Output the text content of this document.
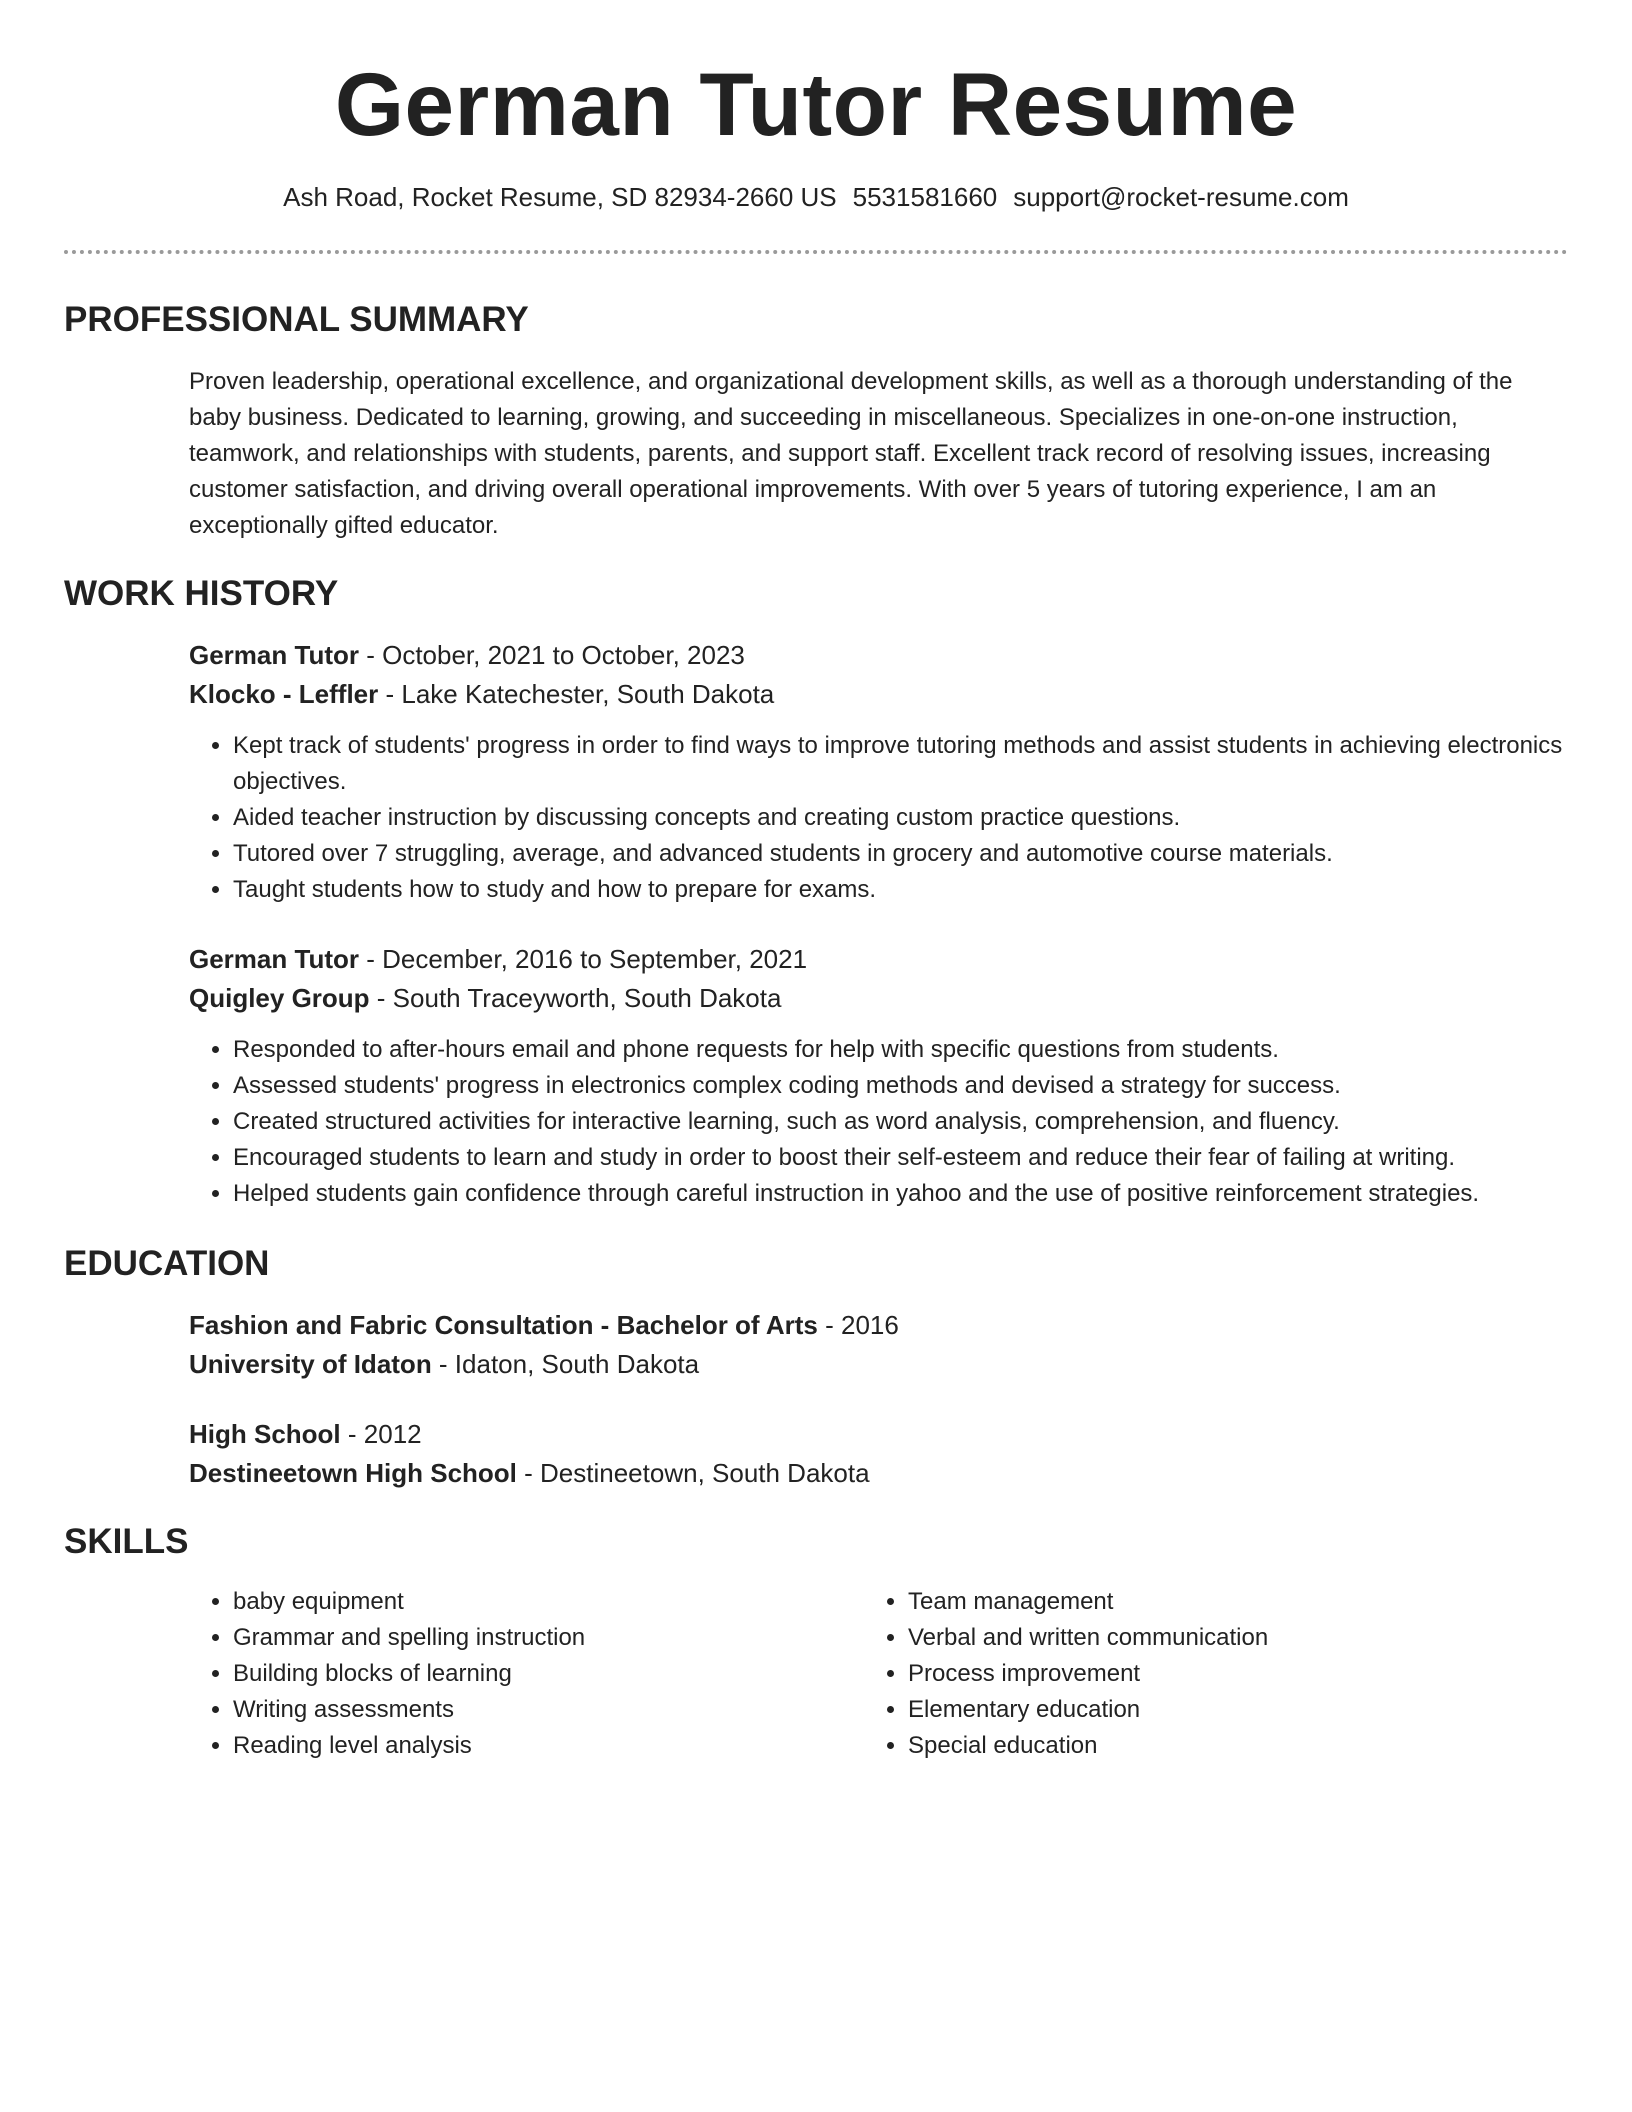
German Tutor Resume
Ash Road, Rocket Resume, SD 82934-2660 US 5531581660 support@rocket-resume.com
PROFESSIONAL SUMMARY

Proven leadership, operational excellence, and organizational development skills, as well as a thorough understanding of the baby business. Dedicated to learning, growing, and succeeding in miscellaneous. Specializes in one-on-one instruction, teamwork, and relationships with students, parents, and support staff. Excellent track record of resolving issues, increasing customer satisfaction, and driving overall operational improvements. With over 5 years of tutoring experience, I am an exceptionally gifted educator.

WORK HISTORY

German Tutor - October, 2021 to October, 2023

Klocko - Leffler - Lake Katechester, South Dakota

• Kept track of students' progress in order to find ways to improve tutoring methods and assist students in achieving electronics objectives.
• Aided teacher instruction by discussing concepts and creating custom practice questions.
• Tutored over 7 struggling, average, and advanced students in grocery and automotive course materials.
• Taught students how to study and how to prepare for exams.

German Tutor - December, 2016 to September, 2021

Quigley Group - South Traceyworth, South Dakota

• Responded to after-hours email and phone requests for help with specific questions from students.
• Assessed students' progress in electronics complex coding methods and devised a strategy for success.
• Created structured activities for interactive learning, such as word analysis, comprehension, and fluency.
• Encouraged students to learn and study in order to boost their self-esteem and reduce their fear of failing at writing.
• Helped students gain confidence through careful instruction in yahoo and the use of positive reinforcement strategies.
EDUCATION

Fashion and Fabric Consultation - Bachelor of Arts - 2016

University of Idaton - Idaton, South Dakota

High School - 2012

Destineetown High School - Destineetown, South Dakota

SKILLS
• baby equipment
• Grammar and spelling instruction
• Building blocks of learning
• Writing assessments
• Reading level analysis
• Team management
• Verbal and written communication
• Process improvement
• Elementary education
• Special education
